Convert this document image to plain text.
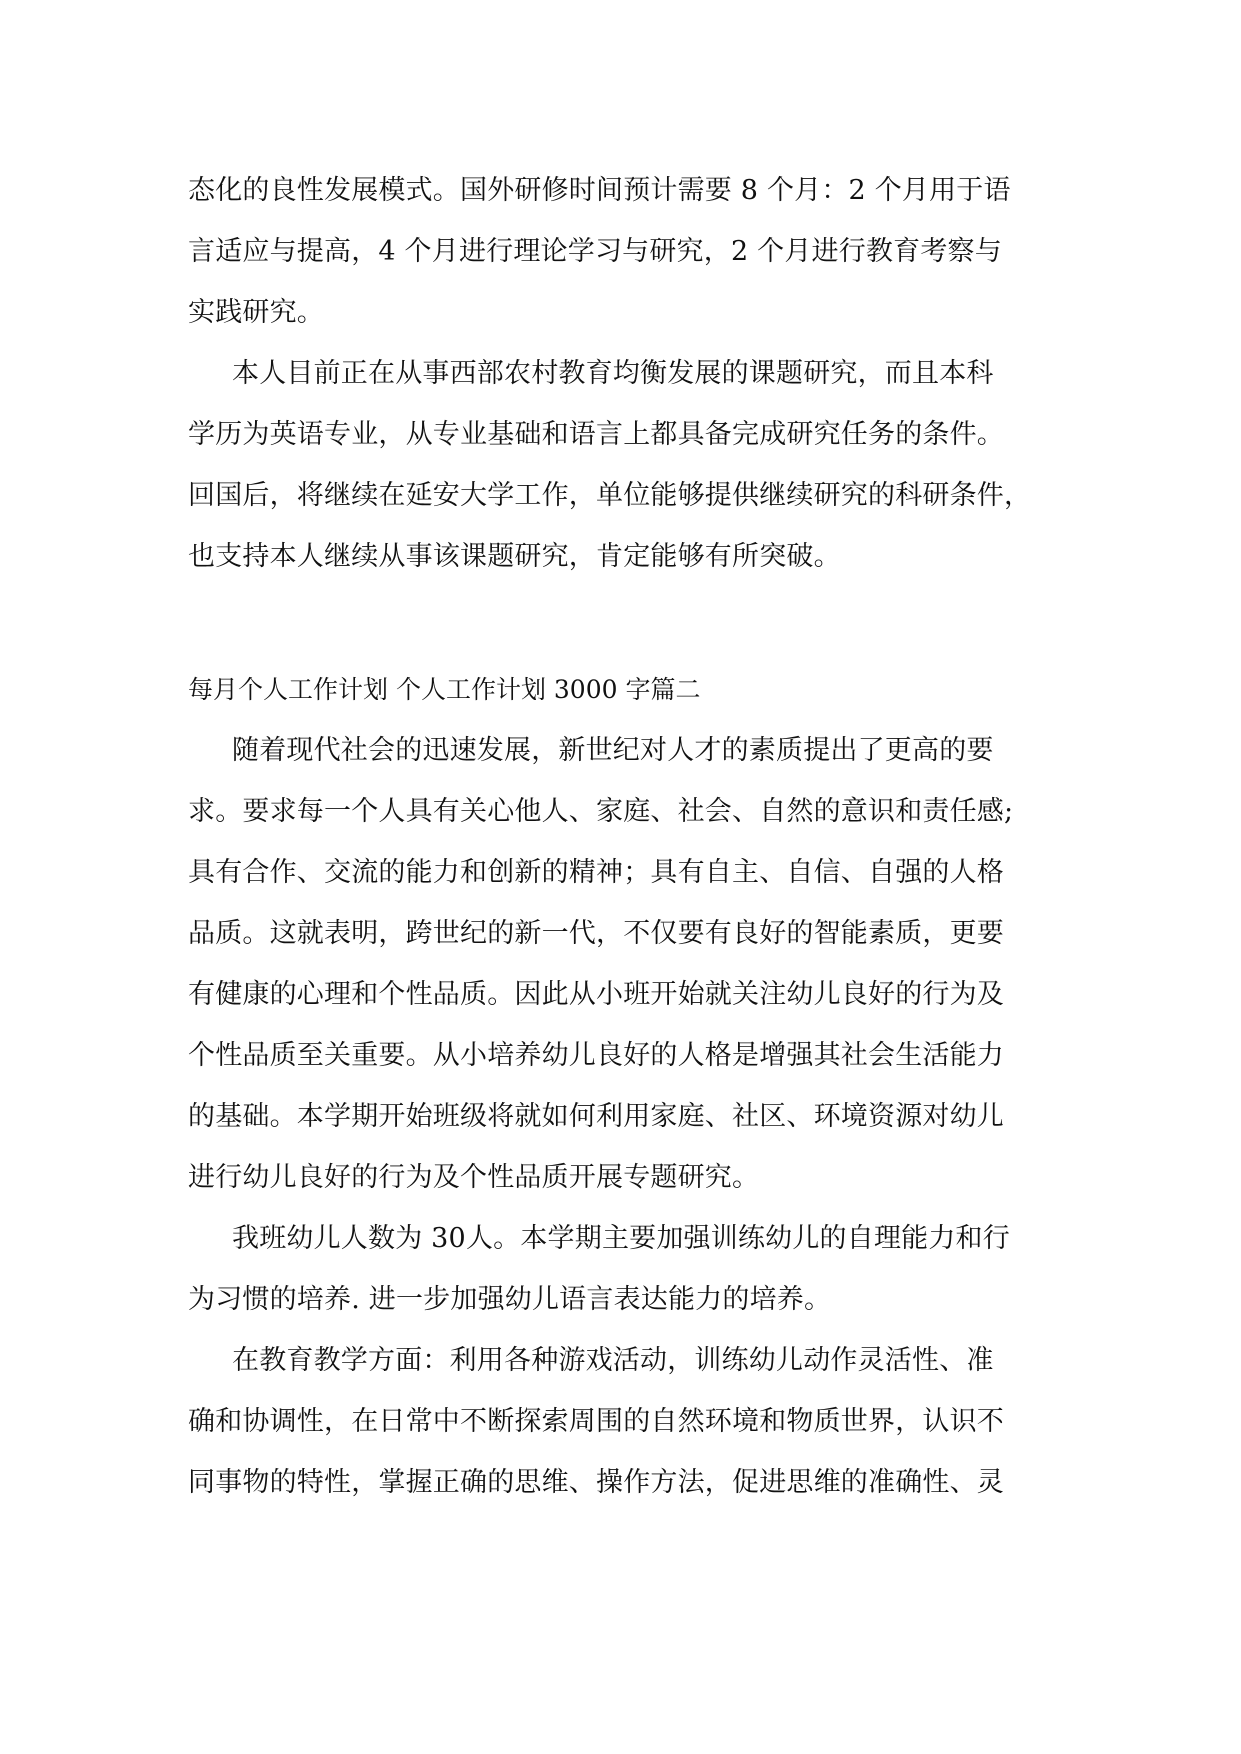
态化的良性发展模式。国外研修时间预计需要 8 个月：2 个月用于语
言适应与提高，4 个月进行理论学习与研究，2 个月进行教育考察与
实践研究。
本人目前正在从事西部农村教育均衡发展的课题研究，而且本科
学历为英语专业，从专业基础和语言上都具备完成研究任务的条件。
回国后，将继续在延安大学工作，单位能够提供继续研究的科研条件，
也支持本人继续从事该课题研究，肯定能够有所突破。
每月个人工作计划 个人工作计划 3000 字篇二
随着现代社会的迅速发展，新世纪对人才的素质提出了更高的要
求。要求每一个人具有关心他人、家庭、社会、自然的意识和责任感;
具有合作、交流的能力和创新的精神；具有自主、自信、自强的人格
品质。这就表明，跨世纪的新一代，不仅要有良好的智能素质，更要
有健康的心理和个性品质。因此从小班开始就关注幼儿良好的行为及
个性品质至关重要。从小培养幼儿良好的人格是增强其社会生活能力
的基础。本学期开始班级将就如何利用家庭、社区、环境资源对幼儿
进行幼儿良好的行为及个性品质开展专题研究。
我班幼儿人数为 30人。本学期主要加强训练幼儿的自理能力和行
为习惯的培养. 进一步加强幼儿语言表达能力的培养。
在教育教学方面：利用各种游戏活动，训练幼儿动作灵活性、准
确和协调性，在日常中不断探索周围的自然环境和物质世界，认识不
同事物的特性，掌握正确的思维、操作方法，促进思维的准确性、灵
